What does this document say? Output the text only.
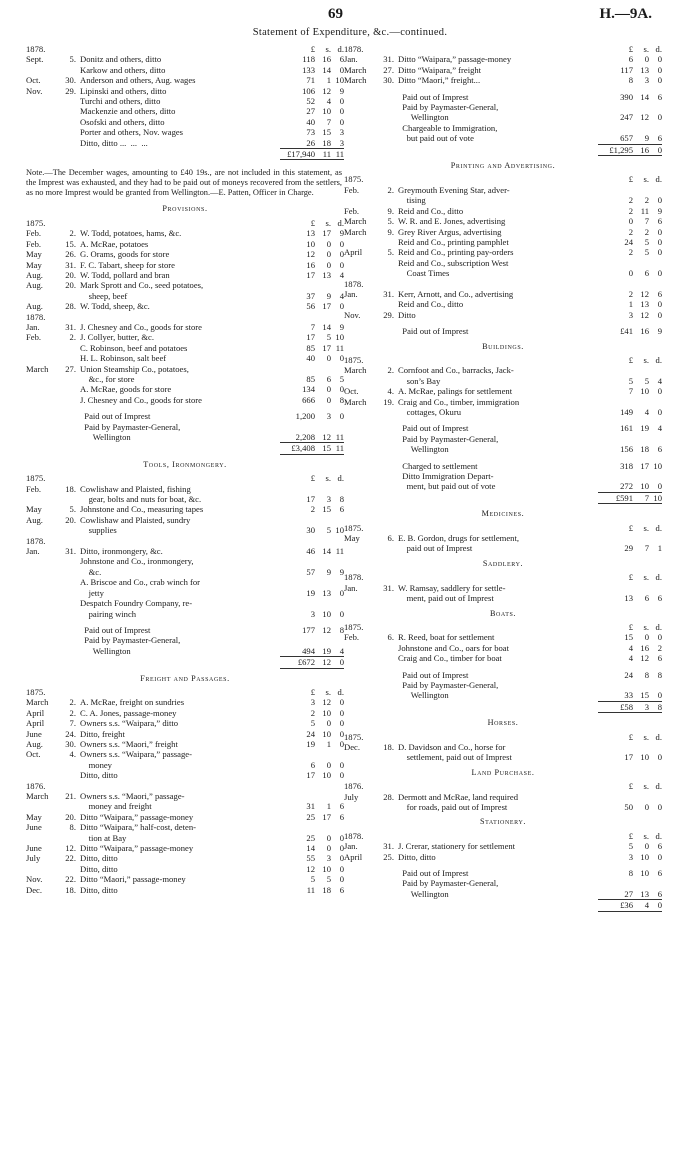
69	H.—9A.
Statement of Expenditure, &c.—continued.
1878.	£	s. d.
Sept.	5. Donitz and others, ditto	118 16	6
Karkow and others, ditto	133 14	0
Oct.	30. Anderson and others, Aug. wages	71	1 10
Nov.	29. Lipinski and others, ditto	106 12	9
Turchi and others, ditto	52	4	0
Mackenzie and others, ditto	27 10	0
Osofski and others, ditto	40	7	0
Porter and others, Nov. wages	73 15	3
Ditto, ditto ...  ...  ...	26 18	3
£17,940 11 11
Note.—The December wages, amounting to £40 19s., are not included in this statement, as the Imprest was exhausted, and they had to be paid out of moneys recovered from the settlers, as no more Imprest would be granted from Wellington.—E. Patten, Officer in Charge.
Provisions.
1875.	£	s. d.
Feb.	2. W. Todd, potatoes, hams, &c.	13 17	9
Feb.	15. A. McRae, potatoes	10	0	0
May	26. G. Orams, goods for store	12	0	0
May	31. F. C. Tabart, sheep for store	16	0	0
Aug.	20. W. Todd, pollard and bran	17 13	4
Aug.	20. Mark Sprott and Co., seed potatoes,
sheep, beef	37	9	4
Aug.	28. W. Todd, sheep, &c.	56 17	0
1878.
Jan.	31. J. Chesney and Co., goods for store	7 14	9
Feb.	2. J. Collyer, butter, &c.	17	5 10
C. Robinson, beef and potatoes	85 17 11
H. L. Robinson, salt beef	40	0	0
March	27. Union Steamship Co., potatoes,
&c., for store	85	6	5
A. McRae, goods for store	134	0	0
J. Chesney and Co., goods for store	666	0	8
Paid out of Imprest	1,200	3	0
Paid by Paymaster-General,
Wellington	2,208 12 11
£3,408 15 11
Tools, Ironmongery.
1875.	£	s. d.
Feb.	18. Cowlishaw and Plaisted, fishing
gear, bolts and nuts for boat, &c.	17	3	8
May	5. Johnstone and Co., measuring tapes	2 15	6
Aug.	20. Cowlishaw and Plaisted, sundry
supplies	30	5 10
1878.
Jan.	31. Ditto, ironmongery, &c.	46 14 11
Johnstone and Co., ironmongery,
&c.	57	9	9
A. Briscoe and Co., crab winch for
jetty	19 13	0
Despatch Foundry Company, re-
pairing winch	3 10	0
Paid out of Imprest	177 12	8
Paid by Paymaster-General,
Wellington	494 19	4
£672 12	0
Freight and Passages.
1875.	£	s. d.
March	2. A. McRae, freight on sundries	3 12	0
April	2. C. A. Jones, passage-money	2 10	0
April	7. Owners s.s. “Waipara,” ditto	5	0	0
June	24. Ditto, freight	24 10	0
Aug.	30. Owners s.s. “Maori,” freight	19	1	0
Oct.	4. Owners s.s. “Waipara,” passage-
money	6	0	0
Ditto, ditto	17 10	0
1876.
March	21. Owners s.s. “Maori,” passage-
money and freight	31	1	6
May	20. Ditto “Waipara,” passage-money	25 17	6
June	8. Ditto “Waipara,” half-cost, deten-
tion at Bay	25	0	0
June	12. Ditto “Waipara,” passage-money	14	0	0
July	22. Ditto, ditto	55	3	0
Ditto, ditto	12 10	0
Nov.	22. Ditto “Maori,” passage-money	5	5	0
Dec.	18. Ditto, ditto	11 18	6
1878.	£	s. d.
Jan.	31. Ditto “Waipara,” passage-money	6	0	0
March	27. Ditto “Waipara,” freight	117 13	0
March	30. Ditto “Maori,” freight...	8	3	0
Paid out of Imprest	390 14	6
Paid by Paymaster-General,
Wellington	247 12	0
Chargeable to Immigration,
but paid out of vote	657	9	6
£1,295 16	0
Printing and Advertising.
1875.	£	s. d.
Feb.	2. Greymouth Evening Star, adver-
tising	2	2	0
Feb.	9. Reid and Co., ditto	2 11	9
March	5. W. R. and E. Jones, advertising	0	7	6
March	9. Grey River Argus, advertising	2	2	0
Reid and Co., printing pamphlet	24	5	0
April	5. Reid and Co., printing pay-orders	2	5	0
Reid and Co., subscription West
Coast Times	0	6	0
1878.
Jan.	31. Kerr, Arnott, and Co., advertising	2 12	6
Reid and Co., ditto	1 13	0
Nov.	29. Ditto	3 12	0
Paid out of Imprest	£41 16	9
Buildings.
1875.	£	s. d.
March	2. Cornfoot and Co., barracks, Jack-
son’s Bay	5	5	4
Oct.	4. A. McRae, palings for settlement	7 10	0
March	19. Craig and Co., timber, immigration
cottages, Okuru	149	4	0
Paid out of Imprest	161 19	4
Paid by Paymaster-General,
Wellington	156 18	6
Charged to settlement	318 17 10
Ditto Immigration Depart-
ment, but paid out of vote	272 10	0
£591	7 10
Medicines.
1875.	£	s. d.
May	6. E. B. Gordon, drugs for settlement,
paid out of Imprest	29	7	1
Saddlery.
1878.	£	s. d.
Jan.	31. W. Ramsay, saddlery for settle-
ment, paid out of Imprest	13	6	6
Boats.
1875.	£	s. d.
Feb.	6. R. Reed, boat for settlement	15	0	0
Johnstone and Co., oars for boat	4 16	2
Craig and Co., timber for boat	4 12	6
Paid out of Imprest	24	8	8
Paid by Paymaster-General,
Wellington	33 15	0
£58	3	8
Horses.
1875.	£	s. d.
Dec.	18. D. Davidson and Co., horse for
settlement, paid out of Imprest	17 10	0
Land Purchase.
1876.	£	s. d.
July	28. Dermott and McRae, land required
for roads, paid out of Imprest	50	0	0
Stationery.
1878.	£	s. d.
Jan.	31. J. Crerar, stationery for settlement	5	0	6
April	25. Ditto, ditto	3 10	0
Paid out of Imprest	8 10	6
Paid by Paymaster-General,
Wellington	27 13	6
£36	4	0
